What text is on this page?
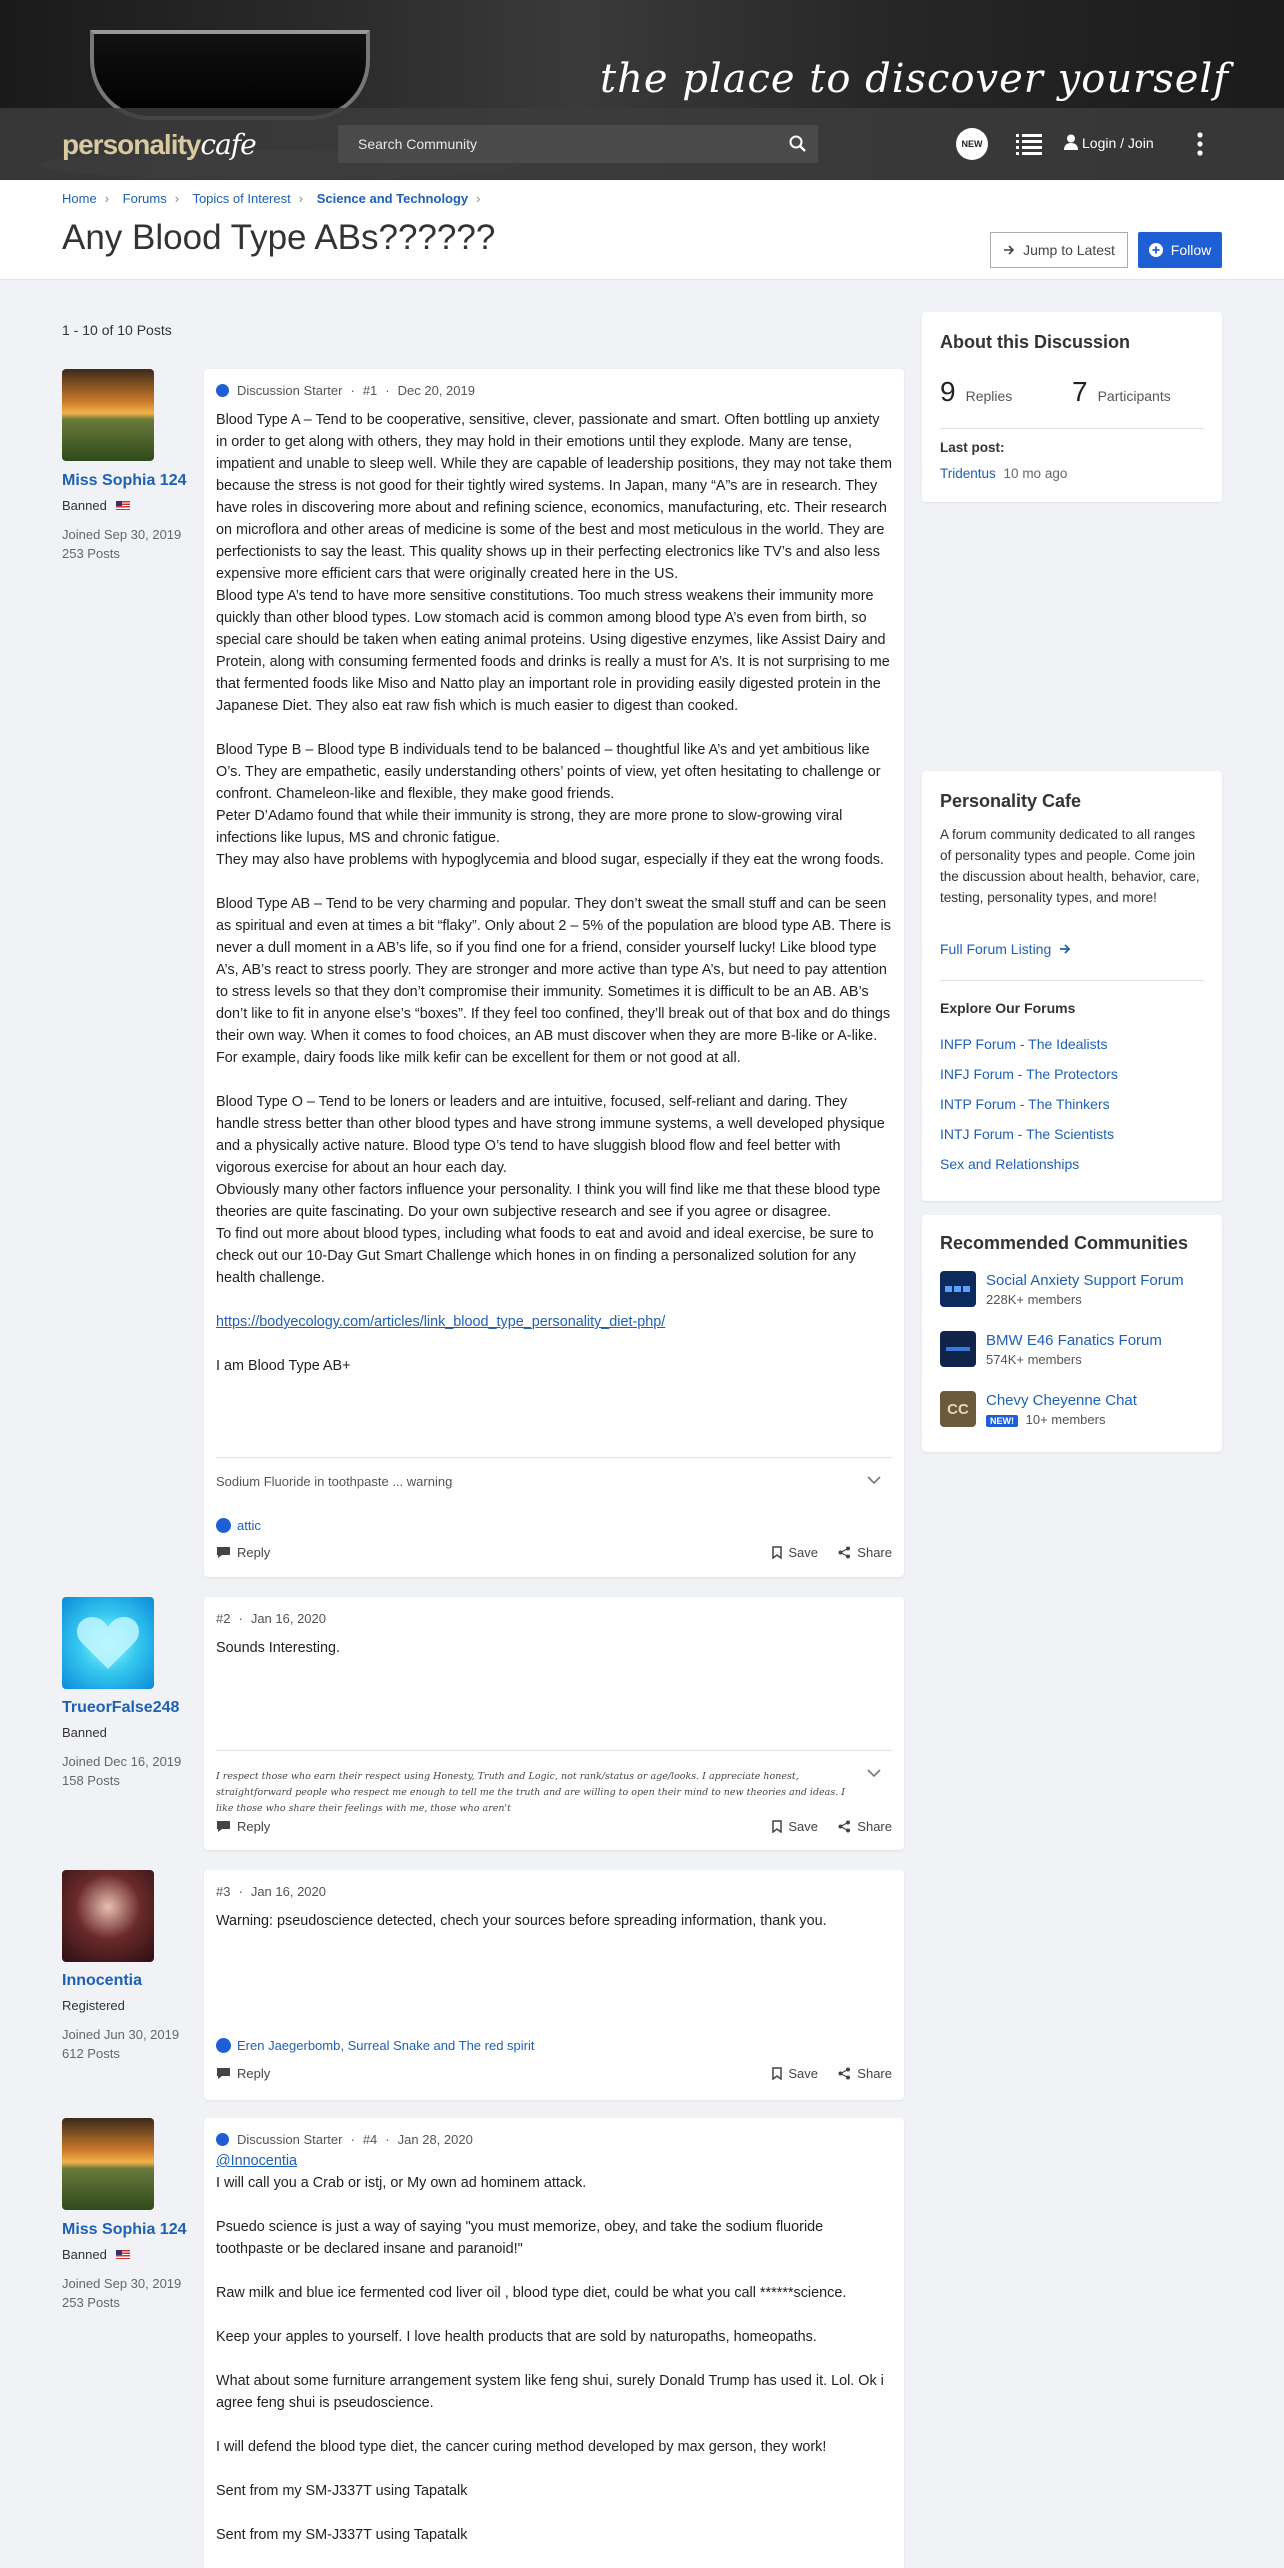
the place to discover yourself
personalitycafe	Search Community	NEW	Login / Join
Home › Forums › Topics of Interest › Science and Technology ›
Any Blood Type ABs??????	Jump to Latest	Follow
1 - 10 of 10 Posts
Miss Sophia 124
Banned
Joined Sep 30, 2019
253 Posts
Discussion Starter · #1 · Dec 20, 2019

Blood Type A – Tend to be cooperative, sensitive, clever, passionate and smart. Often bottling up anxiety in order to get along with others, they may hold in their emotions until they explode. Many are tense, impatient and unable to sleep well. While they are capable of leadership positions, they may not take them because the stress is not good for their tightly wired systems. In Japan, many “A”s are in research. They have roles in discovering more about and refining science, economics, manufacturing, etc. Their research on microflora and other areas of medicine is some of the best and most meticulous in the world. They are perfectionists to say the least. This quality shows up in their perfecting electronics like TV’s and also less expensive more efficient cars that were originally created here in the US.

Blood type A’s tend to have more sensitive constitutions. Too much stress weakens their immunity more quickly than other blood types. Low stomach acid is common among blood type A’s even from birth, so special care should be taken when eating animal proteins. Using digestive enzymes, like Assist Dairy and Protein, along with consuming fermented foods and drinks is really a must for A’s. It is not surprising to me that fermented foods like Miso and Natto play an important role in providing easily digested protein in the Japanese Diet. They also eat raw fish which is much easier to digest than cooked.

Blood Type B – Blood type B individuals tend to be balanced – thoughtful like A’s and yet ambitious like O’s. They are empathetic, easily understanding others’ points of view, yet often hesitating to challenge or confront. Chameleon-like and flexible, they make good friends.

Peter D’Adamo found that while their immunity is strong, they are more prone to slow-growing viral infections like lupus, MS and chronic fatigue.

They may also have problems with hypoglycemia and blood sugar, especially if they eat the wrong foods.

Blood Type AB – Tend to be very charming and popular. They don’t sweat the small stuff and can be seen as spiritual and even at times a bit “flaky”. Only about 2 – 5% of the population are blood type AB. There is never a dull moment in a AB’s life, so if you find one for a friend, consider yourself lucky! Like blood type A’s, AB’s react to stress poorly. They are stronger and more active than type A’s, but need to pay attention to stress levels so that they don’t compromise their immunity. Sometimes it is difficult to be an AB. AB’s don’t like to fit in anyone else’s “boxes”. If they feel too confined, they’ll break out of that box and do things their own way. When it comes to food choices, an AB must discover when they are more B-like or A-like. For example, dairy foods like milk kefir can be excellent for them or not good at all.

Blood Type O – Tend to be loners or leaders and are intuitive, focused, self-reliant and daring. They handle stress better than other blood types and have strong immune systems, a well developed physique and a physically active nature. Blood type O’s tend to have sluggish blood flow and feel better with vigorous exercise for about an hour each day.

Obviously many other factors influence your personality. I think you will find like me that these blood type theories are quite fascinating. Do your own subjective research and see if you agree or disagree.

To find out more about blood types, including what foods to eat and avoid and ideal exercise, be sure to check out our 10-Day Gut Smart Challenge which hones in on finding a personalized solution for any health challenge.

https://bodyecology.com/articles/link_blood_type_personality_diet-php/

I am Blood Type AB+

Sodium Fluoride in toothpaste ... warning
attic
Reply	Save	Share
TrueorFalse248
Banned
Joined Dec 16, 2019
158 Posts
#2 · Jan 16, 2020

Sounds Interesting.

I respect those who earn their respect using Honesty, Truth and Logic, not rank/status or age/looks. I appreciate honest, straightforward people who respect me enough to tell me the truth and are willing to open their mind to new theories and ideas. I like those who share their feelings with me, those who aren't
Reply	Save	Share
Innocentia
Registered
Joined Jun 30, 2019
612 Posts
#3 · Jan 16, 2020

Warning: pseudoscience detected, chech your sources before spreading information, thank you.

Eren Jaegerbomb, Surreal Snake and The red spirit
Reply	Save	Share
Miss Sophia 124
Banned
Joined Sep 30, 2019
253 Posts
Discussion Starter · #4 · Jan 28, 2020

@Innocentia

I will call you a Crab or istj, or My own ad hominem attack.

Psuedo science is just a way of saying "you must memorize, obey, and take the sodium fluoride toothpaste or be declared insane and paranoid!"

Raw milk and blue ice fermented cod liver oil , blood type diet, could be what you call ******science.

Keep your apples to yourself. I love health products that are sold by naturopaths, homeopaths.

What about some furniture arrangement system like feng shui, surely Donald Trump has used it. Lol. Ok i agree feng shui is pseudoscience.

I will defend the blood type diet, the cancer curing method developed by max gerson, they work!

Sent from my SM-J337T using Tapatalk

Sent from my SM-J337T using Tapatalk

About this Discussion
9 Replies 7 Participants
Last post:
Tridentus 10 mo ago
Personality Cafe
A forum community dedicated to all ranges of personality types and people. Come join the discussion about health, behavior, care, testing, personality types, and more!
Full Forum Listing
Explore Our Forums
INFP Forum - The Idealists
INFJ Forum - The Protectors
INTP Forum - The Thinkers
INTJ Forum - The Scientists
Sex and Relationships
Recommended Communities
Social Anxiety Support Forum
228K+ members
BMW E46 Fanatics Forum
574K+ members
CC
Chevy Cheyenne Chat
NEW! 10+ members
